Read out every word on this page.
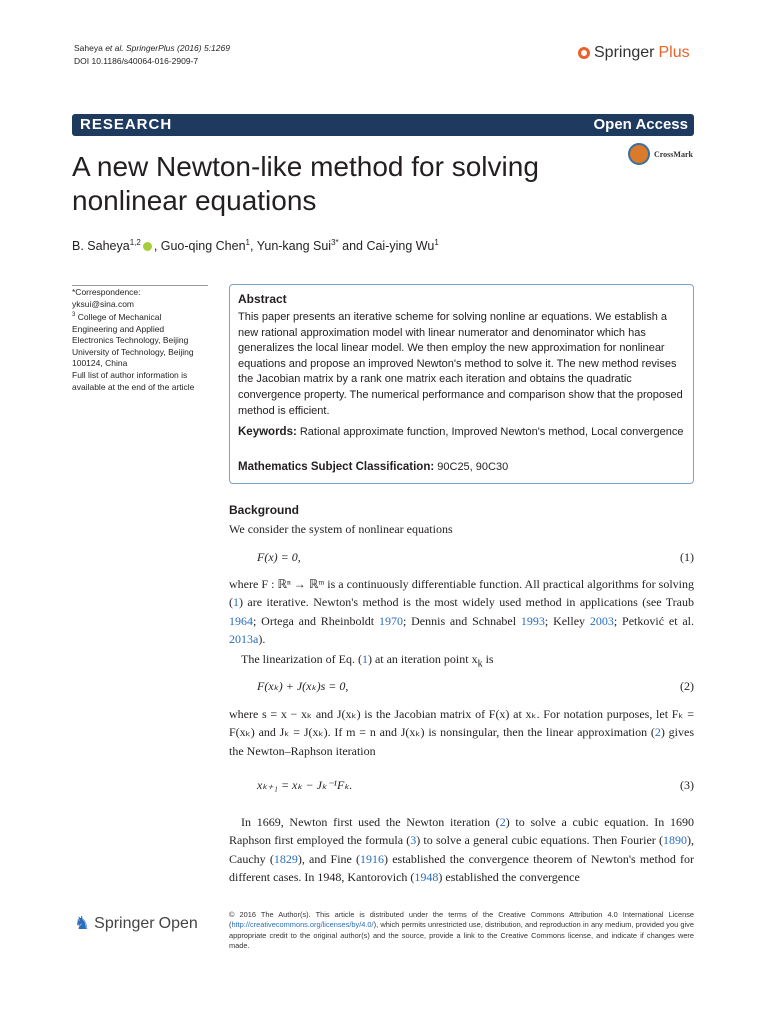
Saheya et al. SpringerPlus (2016) 5:1269
DOI 10.1186/s40064-016-2909-7	Springer Plus
RESEARCH	Open Access
A new Newton-like method for solving nonlinear equations
CrossMark
B. Saheya$^{1,2}$ , Guo-qing Chen$^1$, Yun-kang Sui$^{3*}$ and Cai-ying Wu$^1$
*Correspondence:
yksui@sina.com
$^3$ College of Mechanical Engineering and Applied Electronics Technology, Beijing University of Technology, Beijing 100124, China
Full list of author information is available at the end of the article
Abstract
This paper presents an iterative scheme for solving nonline ar equations. We establish a new rational approximation model with linear numerator and denominator which has generalizes the local linear model. We then employ the new approximation for nonlinear equations and propose an improved Newton's method to solve it. The new method revises the Jacobian matrix by a rank one matrix each iteration and obtains the quadratic convergence property. The numerical performance and comparison show that the proposed method is efficient.
Keywords: Rational approximate function, Improved Newton's method, Local convergence
Mathematics Subject Classification: 90C25, 90C30
Background
We consider the system of nonlinear equations
F(x) = 0,	(1)
where F : ℝⁿ → ℝᵐ is a continuously differentiable function. All practical algorithms for solving (1) are iterative. Newton's method is the most widely used method in applications (see Traub 1964; Ortega and Rheinboldt 1970; Dennis and Schnabel 1993; Kelley 2003; Petković et al. 2013a).
The linearization of Eq. (1) at an iteration point $x_k$ is
F(xₖ) + J(xₖ)s = 0,	(2)
where s = x − xₖ and J(xₖ) is the Jacobian matrix of F(x) at xₖ. For notation purposes, let Fₖ = F(xₖ) and Jₖ = J(xₖ). If m = n and J(xₖ) is nonsingular, then the linear approximation (2) gives the Newton–Raphson iteration
xₖ₊₁ = xₖ − Jₖ⁻¹Fₖ.	(3)
In 1669, Newton first used the Newton iteration (2) to solve a cubic equation. In 1690 Raphson first employed the formula (3) to solve a general cubic equations. Then Fourier (1890), Cauchy (1829), and Fine (1916) established the convergence theorem of Newton's method for different cases. In 1948, Kantorovich (1948) established the convergence
♞ Springer Open	© 2016 The Author(s). This article is distributed under the terms of the Creative Commons Attribution 4.0 International License (http://creativecommons.org/licenses/by/4.0/), which permits unrestricted use, distribution, and reproduction in any medium, provided you give appropriate credit to the original author(s) and the source, provide a link to the Creative Commons license, and indicate if changes were made.
